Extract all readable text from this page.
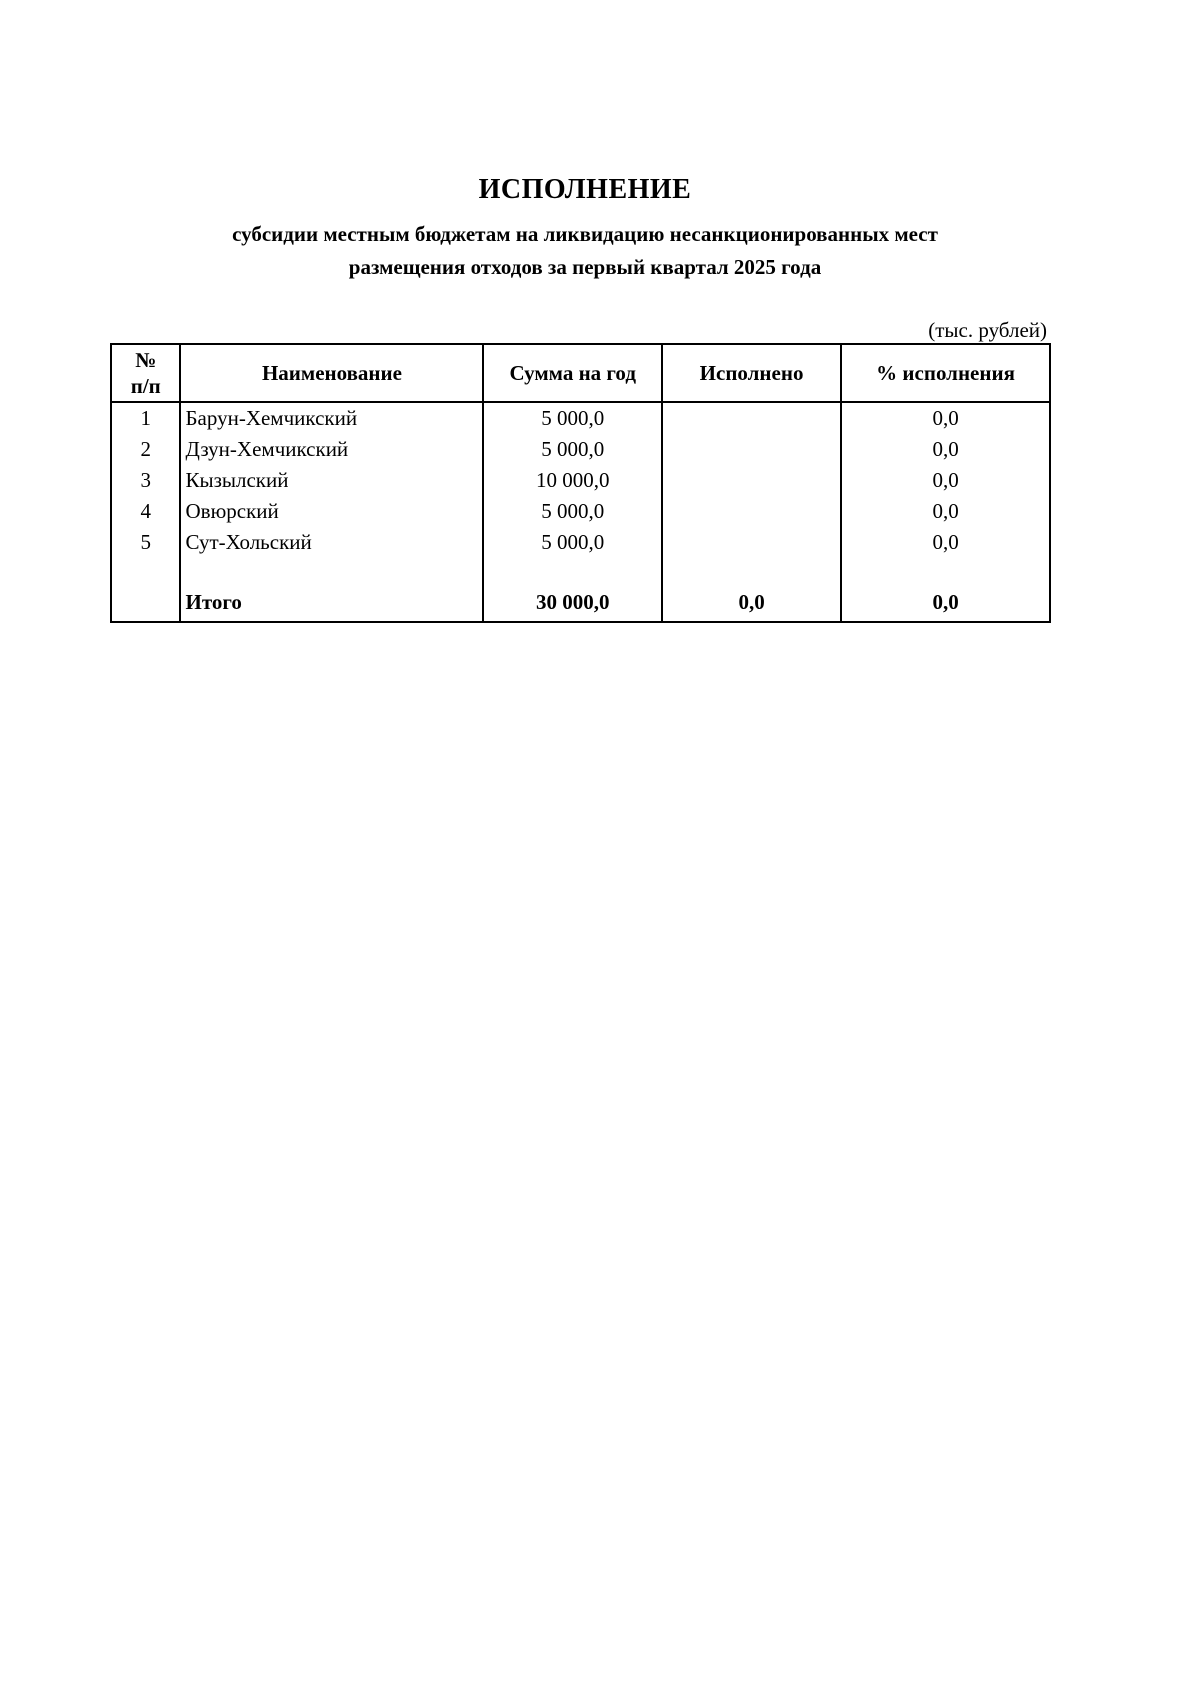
ИСПОЛНЕНИЕ
субсидии местным бюджетам на ликвидацию несанкционированных мест
размещения отходов за первый квартал 2025 года
(тыс. рублей)
№
п/п	Наименование	Сумма на год	Исполнено	% исполнения
1	Барун-Хемчикский	5 000,0		0,0
2	Дзун-Хемчикский	5 000,0		0,0
3	Кызылский	10 000,0		0,0
4	Овюрский	5 000,0		0,0
5	Сут-Хольский	5 000,0		0,0

	Итого	30 000,0	0,0	0,0
